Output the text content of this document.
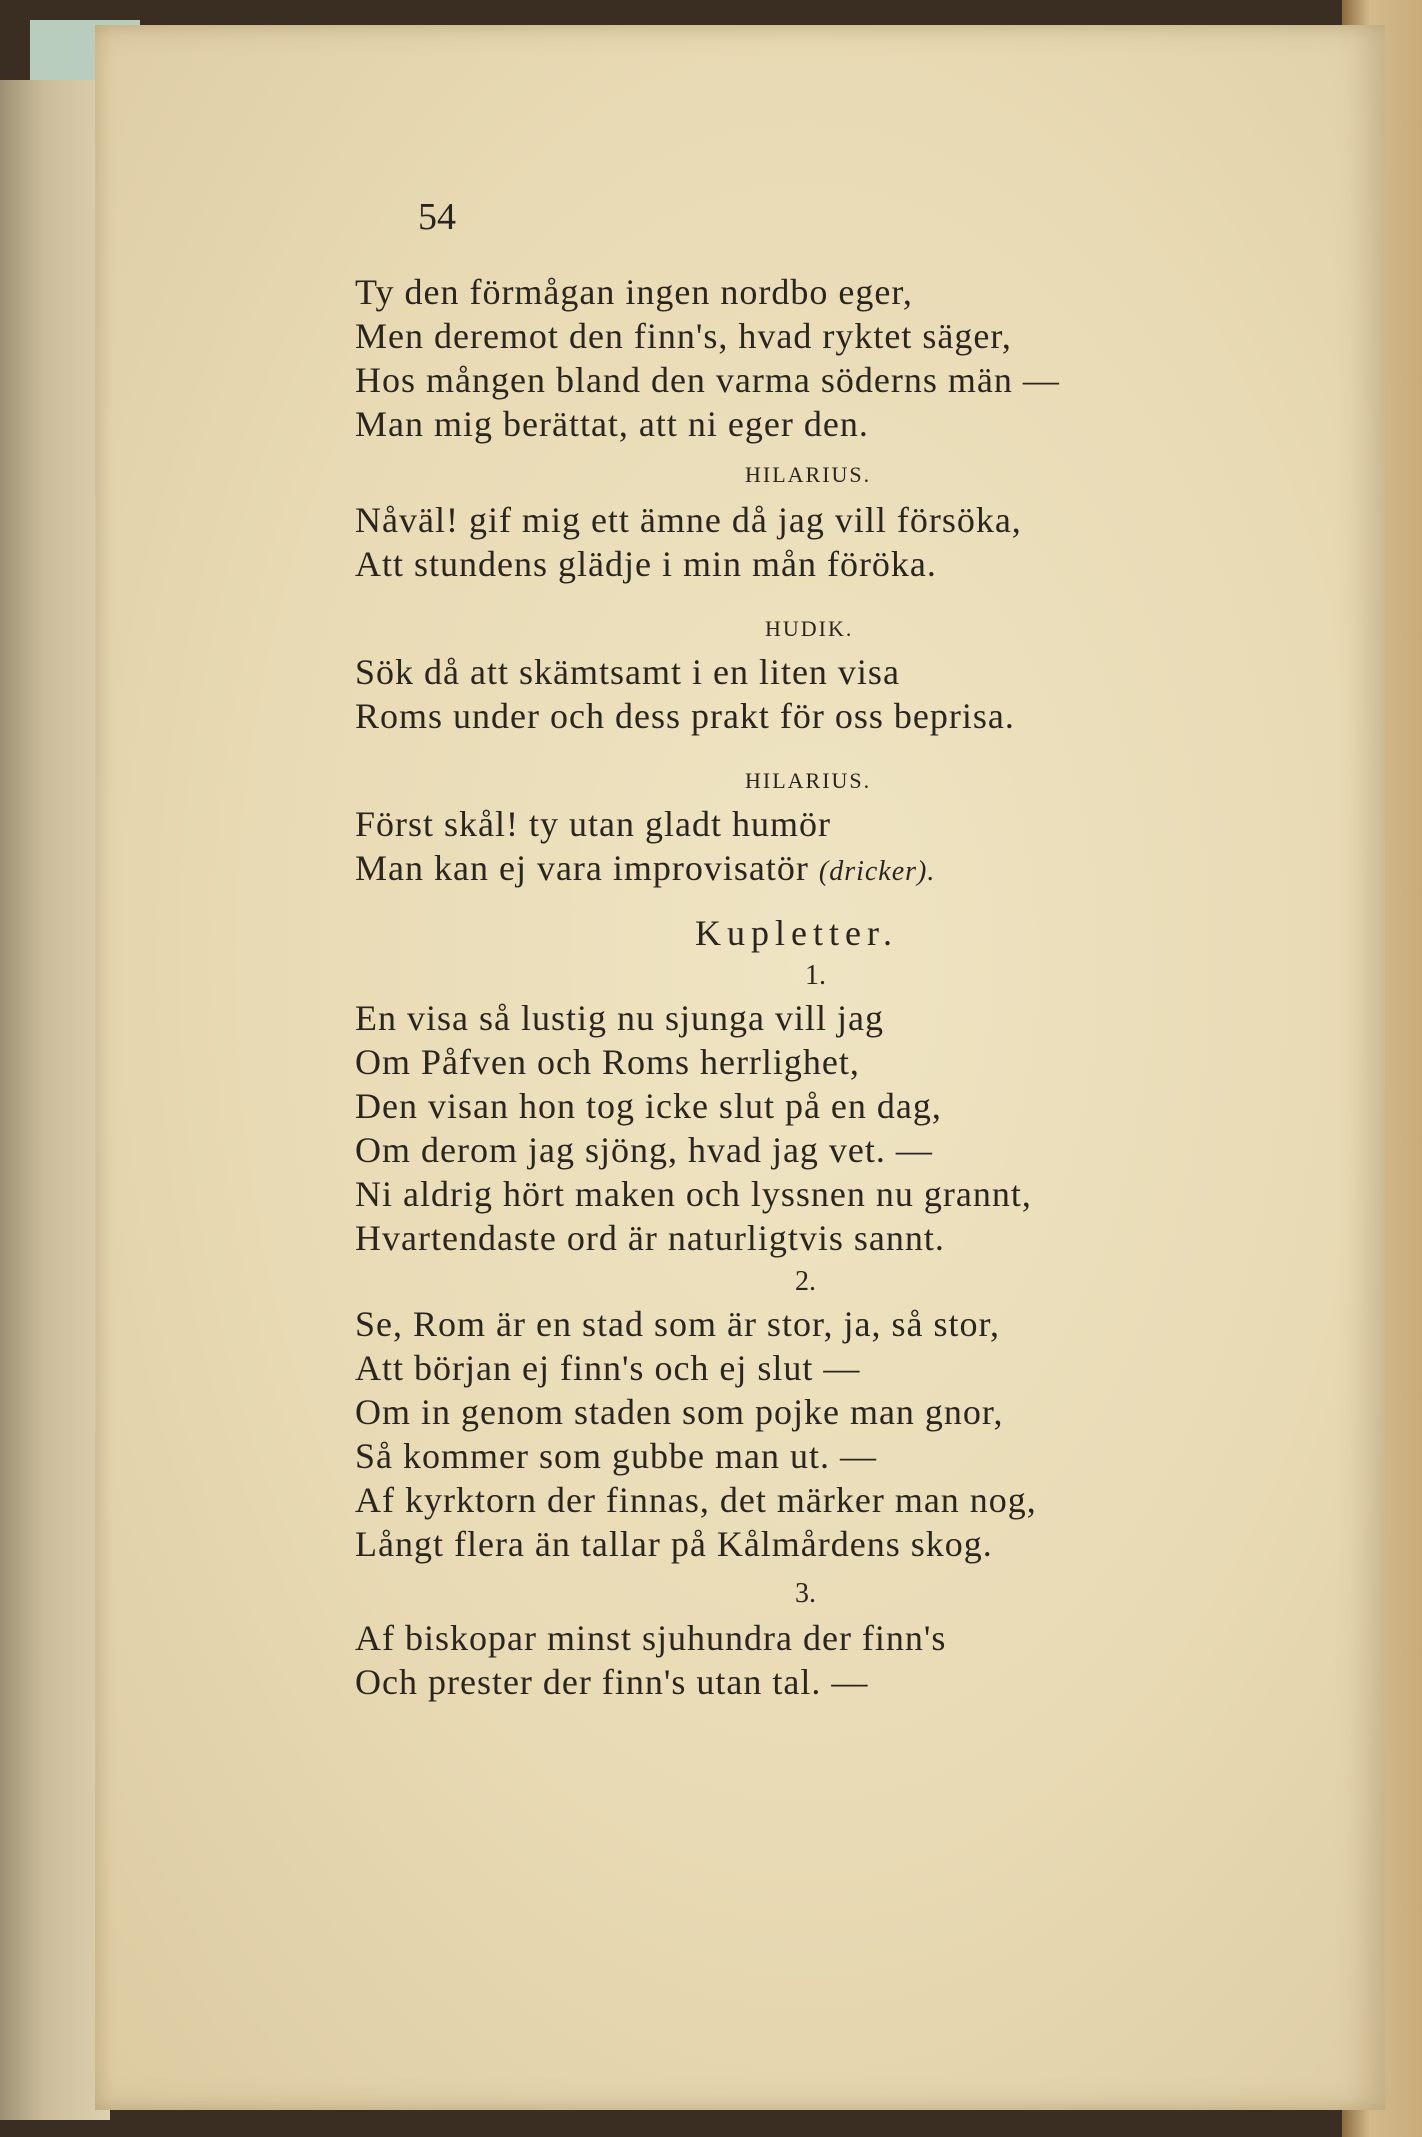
54
Ty den förmågan ingen nordbo eger,
Men deremot den finn's, hvad ryktet säger,
Hos mången bland den varma söderns män —
Man mig berättat, att ni eger den.
HILARIUS.
Nåväl! gif mig ett ämne då jag vill försöka,
Att stundens glädje i min mån föröka.
HUDIK.
Sök då att skämtsamt i en liten visa
Roms under och dess prakt för oss beprisa.
HILARIUS.
Först skål! ty utan gladt humör
Man kan ej vara improvisatör (dricker).
Kupletter.
1.
En visa så lustig nu sjunga vill jag
Om Påfven och Roms herrlighet,
Den visan hon tog icke slut på en dag,
Om derom jag sjöng, hvad jag vet. —
Ni aldrig hört maken och lyssnen nu grannt,
Hvartendaste ord är naturligtvis sannt.
2.
Se, Rom är en stad som är stor, ja, så stor,
Att början ej finn's och ej slut —
Om in genom staden som pojke man gnor,
Så kommer som gubbe man ut. —
Af kyrktorn der finnas, det märker man nog,
Långt flera än tallar på Kålmårdens skog.
3.
Af biskopar minst sjuhundra der finn's
Och prester der finn's utan tal. —
